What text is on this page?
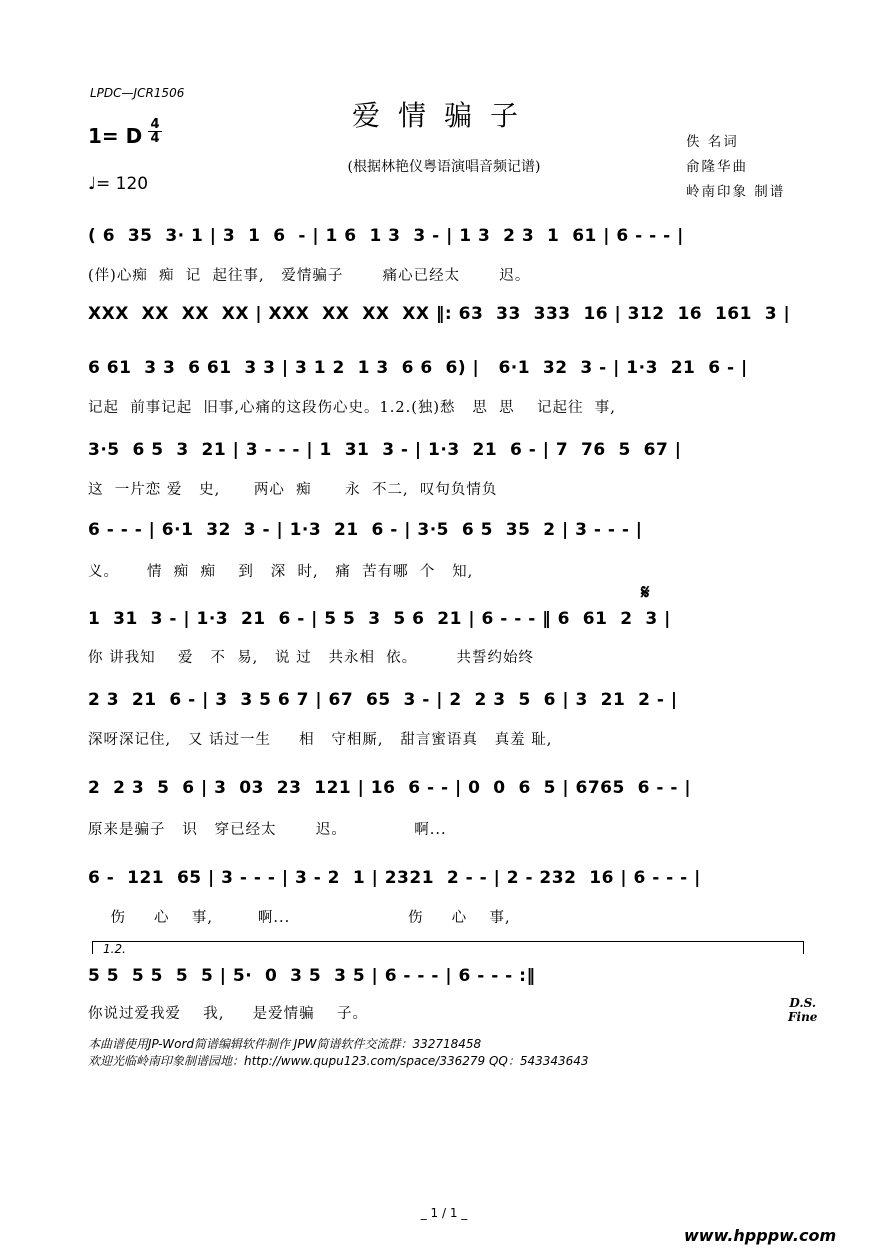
LPDC—JCR1506
爱情骗子
(根据林艳仪粤语演唱音频记谱)
1= D $\frac{4}{4}$
♩= 120
佚 名词
俞隆华曲
岭南印象 制谱
( 6  35  3· 1 | 3  1  6  - | 1 6  1 3  3 - | 1 3  2 3  1  61 | 6 - - - |
(伴)心痴  痴  记  起往事,   爱情骗子       痛心已经太       迟。
XXX  XX  XX  XX | XXX  XX  XX  XX ‖: 63  33  333  16 | 312  16  161  3 |
6 61  3 3  6 61  3 3 | 3 1 2  1 3  6 6  6) |   6·1  32  3 - | 1·3  21  6 - |
记起  前事记起  旧事,心痛的这段伤心史。1.2.(独)愁   思  思    记起往  事,
3·5  6 5  3  21 | 3 - - - | 1  31  3 - | 1·3  21  6 - | 7  76  5  67 |
这  一片恋 爱   史,      两心  痴      永  不二,  叹句负情负
6 - - - | 6·1  32  3 - | 1·3  21  6 - | 3·5  6 5  35  2 | 3 - - - |
义。     情  痴  痴    到   深  时,   痛  苦有哪  个   知,
𝄋
1  31  3 - | 1·3  21  6 - | 5 5  3  5 6  21 | 6 - - - ‖ 6  61  2  3 |
你 讲我知    爱   不  易,   说 过   共永相  依。       共誓约始终
2 3  21  6 - | 3  3 5 6 7 | 67  65  3 - | 2  2 3  5  6 | 3  21  2 - |
深呀深记住,   又 话过一生     相   守相厮,   甜言蜜语真   真羞 耻,
2  2 3  5  6 | 3  03  23  121 | 16  6 - - | 0  0  6  5 | 6765  6 - - |
原来是骗子   识   穿已经太       迟。            啊...
6 -  121  65 | 3 - - - | 3 - 2  1 | 2321  2 - - | 2 - 232  16 | 6 - - - |
伤     心    事,        啊...                     伤     心    事,
1.2.
5 5  5 5  5  5 | 5·  0  3 5  3 5 | 6 - - - | 6 - - - :‖
你说过爱我爱    我,     是爱情骗    子。
D.S.
Fine
本曲谱使用JP-Word简谱编辑软件制作 JPW简谱软件交流群：332718458
欢迎光临岭南印象制谱园地：http://www.qupu123.com/space/336279 QQ：543343643
_ 1 / 1 _
www.hpppw.com
